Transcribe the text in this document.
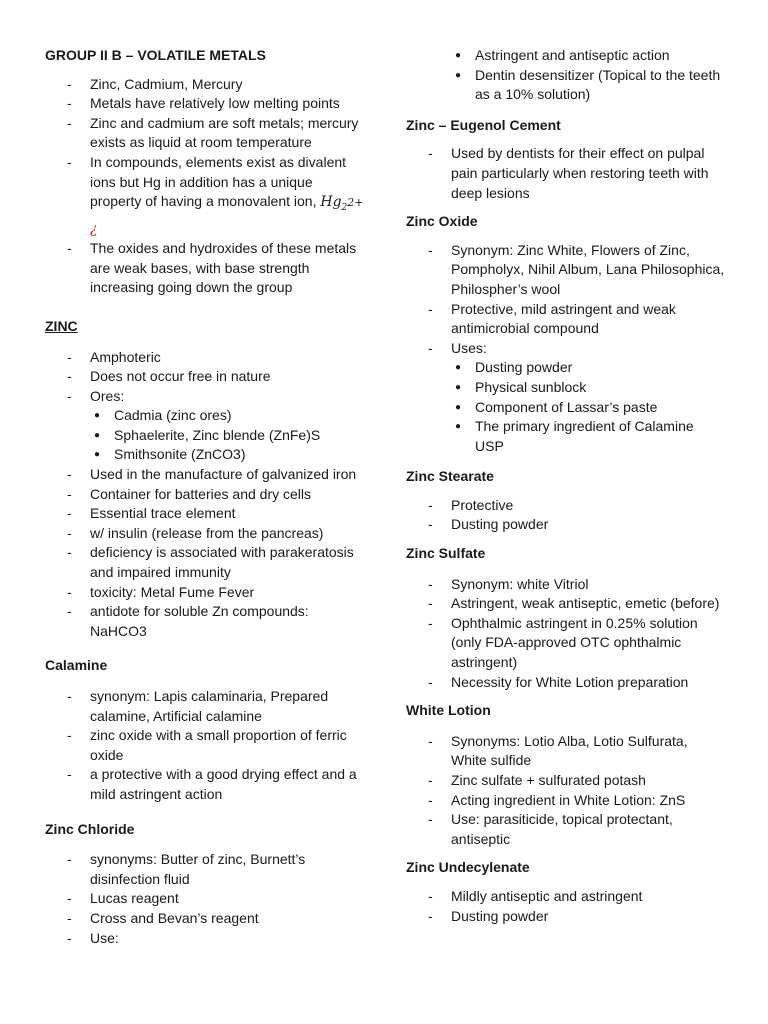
GROUP II B – VOLATILE METALS
- Zinc, Cadmium, Mercury
- Metals have relatively low melting points
- Zinc and cadmium are soft metals; mercury exists as liquid at room temperature
- In compounds, elements exist as divalent ions but Hg in addition has a unique property of having a monovalent ion, $Hg_22+¿$
- The oxides and hydroxides of these metals are weak bases, with base strength increasing going down the group
ZINC
- Amphoteric
- Does not occur free in nature
- Ores:
● Cadmia (zinc ores)
● Sphaelerite, Zinc blende (ZnFe)S
● Smithsonite (ZnCO3)
- Used in the manufacture of galvanized iron
- Container for batteries and dry cells
- Essential trace element
- w/ insulin (release from the pancreas)
- deficiency is associated with parakeratosis and impaired immunity
- toxicity: Metal Fume Fever
- antidote for soluble Zn compounds: NaHCO3
Calamine
- synonym: Lapis calaminaria, Prepared calamine, Artificial calamine
- zinc oxide with a small proportion of ferric oxide
- a protective with a good drying effect and a mild astringent action
Zinc Chloride
- synonyms: Butter of zinc, Burnett’s disinfection fluid
- Lucas reagent
- Cross and Bevan’s reagent
- Use:
● Astringent and antiseptic action
● Dentin desensitizer (Topical to the teeth as a 10% solution)
Zinc – Eugenol Cement
- Used by dentists for their effect on pulpal pain particularly when restoring teeth with deep lesions
Zinc Oxide
- Synonym: Zinc White, Flowers of Zinc, Pompholyx, Nihil Album, Lana Philosophica, Philospher’s wool
- Protective, mild astringent and weak antimicrobial compound
- Uses:
● Dusting powder
● Physical sunblock
● Component of Lassar’s paste
● The primary ingredient of Calamine USP
Zinc Stearate
- Protective
- Dusting powder
Zinc Sulfate
- Synonym: white Vitriol
- Astringent, weak antiseptic, emetic (before)
- Ophthalmic astringent in 0.25% solution (only FDA-approved OTC ophthalmic astringent)
- Necessity for White Lotion preparation
White Lotion
- Synonyms: Lotio Alba, Lotio Sulfurata, White sulfide
- Zinc sulfate + sulfurated potash
- Acting ingredient in White Lotion: ZnS
- Use: parasiticide, topical protectant, antiseptic
Zinc Undecylenate
- Mildly antiseptic and astringent
- Dusting powder
